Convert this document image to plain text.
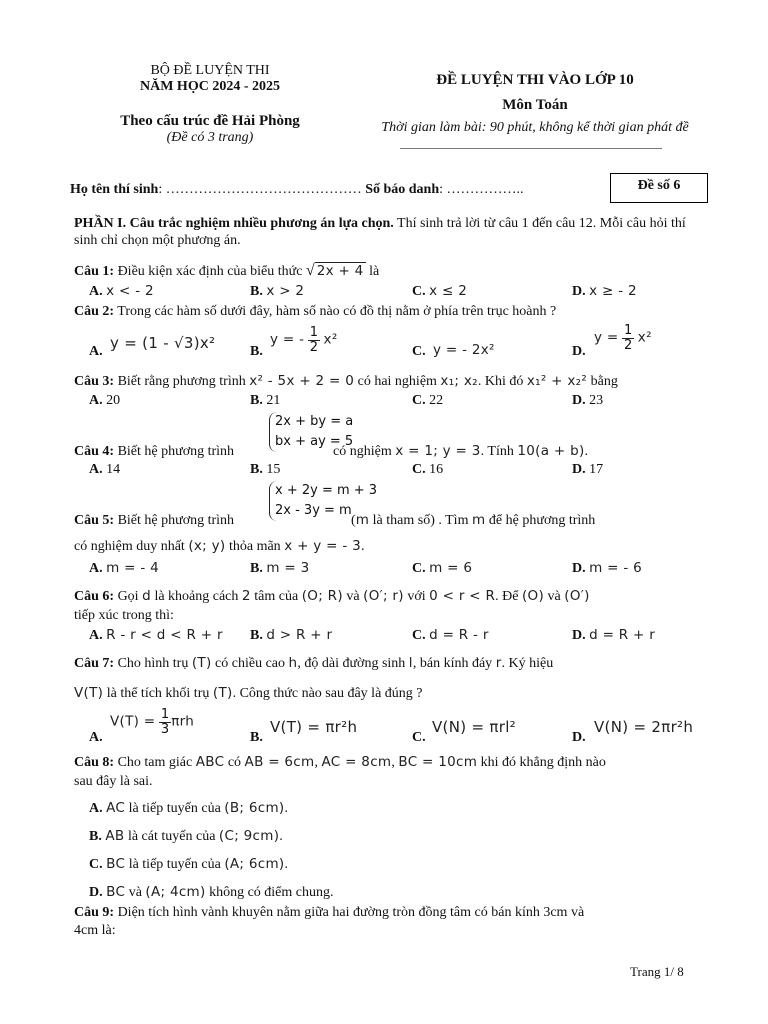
BỘ ĐỀ LUYỆN THI
NĂM HỌC 2024 - 2025
Theo cấu trúc đề Hải Phòng
(Đề có 3 trang)
ĐỀ LUYỆN THI VÀO LỚP 10
Môn Toán
Thời gian làm bài: 90 phút, không kể thời gian phát đề
Họ tên thí sinh: …………………………………… Số báo danh: ……………..	Đề số 6
PHẦN I. Câu trắc nghiệm nhiều phương án lựa chọn. Thí sinh trả lời từ câu 1 đến câu 12. Mỗi câu hỏi thí sinh chỉ chọn một phương án.
Câu 1: Điều kiện xác định của biểu thức √ 2x + 4 là
A. x < - 2	B. x > 2	C. x ≤ 2	D. x ≥ - 2
Câu 2: Trong các hàm số dưới đây, hàm số nào có đồ thị nằm ở phía trên trục hoành ?
A. y = (1 - √3)x² B.
y = - $\frac{1}{2} x^2$
C. y = - 2x²	D.
$y = \frac{1}{2} x^2$
Câu 3: Biết rằng phương trình x² - 5x + 2 = 0 có hai nghiệm x₁; x₂. Khi đó x₁² + x₂² bằng
A. 20	B. 21	C. 22	D. 23
2x + by = a
bx + ay = 5
Câu 4: Biết hệ phương trình	có nghiệm x = 1; y = 3. Tính 10(a + b).
A. 14	B. 15	C. 16	D. 17
x + 2y = m + 3
2x - 3y = m
Câu 5: Biết hệ phương trình	(m là tham số) . Tìm m để hệ phương trình
có nghiệm duy nhất (x; y) thỏa mãn x + y = - 3.
A. m = - 4	B. m = 3	C. m = 6	D. m = - 6
Câu 6: Gọi d là khoảng cách 2 tâm của (O; R) và (O′; r) với 0 < r < R. Để (O) và (O′)
tiếp xúc trong thì:
A. R - r < d < R + r B. d > R + r	C. d = R - r	D. d = R + r
Câu 7: Cho hình trụ (T) có chiều cao h, độ dài đường sinh l, bán kính đáy r. Ký hiệu
V(T) là thể tích khối trụ (T). Công thức nào sau đây là đúng ?
A.
$V(T) = \frac{1}{3}$ πrh
B.
V(T) = πr²h
C.
V(N) = πrl²
D.
V(N) = 2πr²h
Câu 8: Cho tam giác ABC có AB = 6cm, AC = 8cm, BC = 10cm khi đó khẳng định nào
sau đây là sai.
A. AC là tiếp tuyến của (B; 6cm).
B. AB là cát tuyến của (C; 9cm).
C. BC là tiếp tuyến của (A; 6cm).
D. BC và (A; 4cm) không có điểm chung.
Câu 9: Diện tích hình vành khuyên nằm giữa hai đường tròn đồng tâm có bán kính 3cm và
4cm là:
Trang 1/ 8
